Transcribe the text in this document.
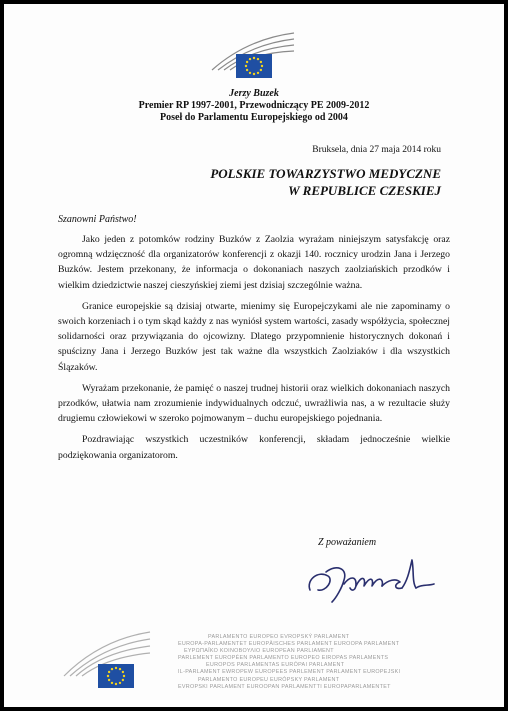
Jerzy Buzek
Premier RP 1997-2001, Przewodniczący PE 2009-2012
Poseł do Parlamentu Europejskiego od 2004
Bruksela, dnia 27 maja 2014 roku
POLSKIE TOWARZYSTWO MEDYCZNE
W REPUBLICE CZESKIEJ
Szanowni Państwo!

Jako jeden z potomków rodziny Buzków z Zaolzia wyrażam niniejszym satysfakcję oraz ogromną wdzięczność dla organizatorów konferencji z okazji 140. rocznicy urodzin Jana i Jerzego Buzków. Jestem przekonany, że informacja o dokonaniach naszych zaolziańskich przodków i wielkim dziedzictwie naszej cieszyńskiej ziemi jest dzisiaj szczególnie ważna.

Granice europejskie są dzisiaj otwarte, mienimy się Europejczykami ale nie zapominamy o swoich korzeniach i o tym skąd każdy z nas wyniósł system wartości, zasady współżycia, społecznej solidarności oraz przywiązania do ojcowizny. Dlatego przypomnienie historycznych dokonań i spuścizny Jana i Jerzego Buzków jest tak ważne dla wszystkich Zaolziaków i dla wszystkich Ślązaków.

Wyrażam przekonanie, że pamięć o naszej trudnej historii oraz wielkich dokonaniach naszych przodków, ułatwia nam zrozumienie indywidualnych odczuć, uwrażliwia nas, a w rezultacie służy drugiemu człowiekowi w szeroko pojmowanym – duchu europejskiego pojednania.

Pozdrawiając wszystkich uczestników konferencji, składam jednocześnie wielkie podziękowania organizatorom.

Z poważaniem
PARLAMENTO EUROPEO EVROPSKÝ PARLAMENT
EUROPA-PARLAMENTET EUROPÄISCHES PARLAMENT EUROOPA PARLAMENT
ΕΥΡΩΠΑΪΚΟ ΚΟΙΝΟΒΟΥΛΙΟ EUROPEAN PARLIAMENT
PARLEMENT EUROPÉEN PARLAMENTO EUROPEO EIROPAS PARLAMENTS
EUROPOS PARLAMENTAS EURÓPAI PARLAMENT
IL-PARLAMENT EWROPEW EUROPEES PARLEMENT PARLAMENT EUROPEJSKI
PARLAMENTO EUROPEU EURÓPSKY PARLAMENT
EVROPSKI PARLAMENT EUROOPAN PARLAMENTTI EUROPAPARLAMENTET
